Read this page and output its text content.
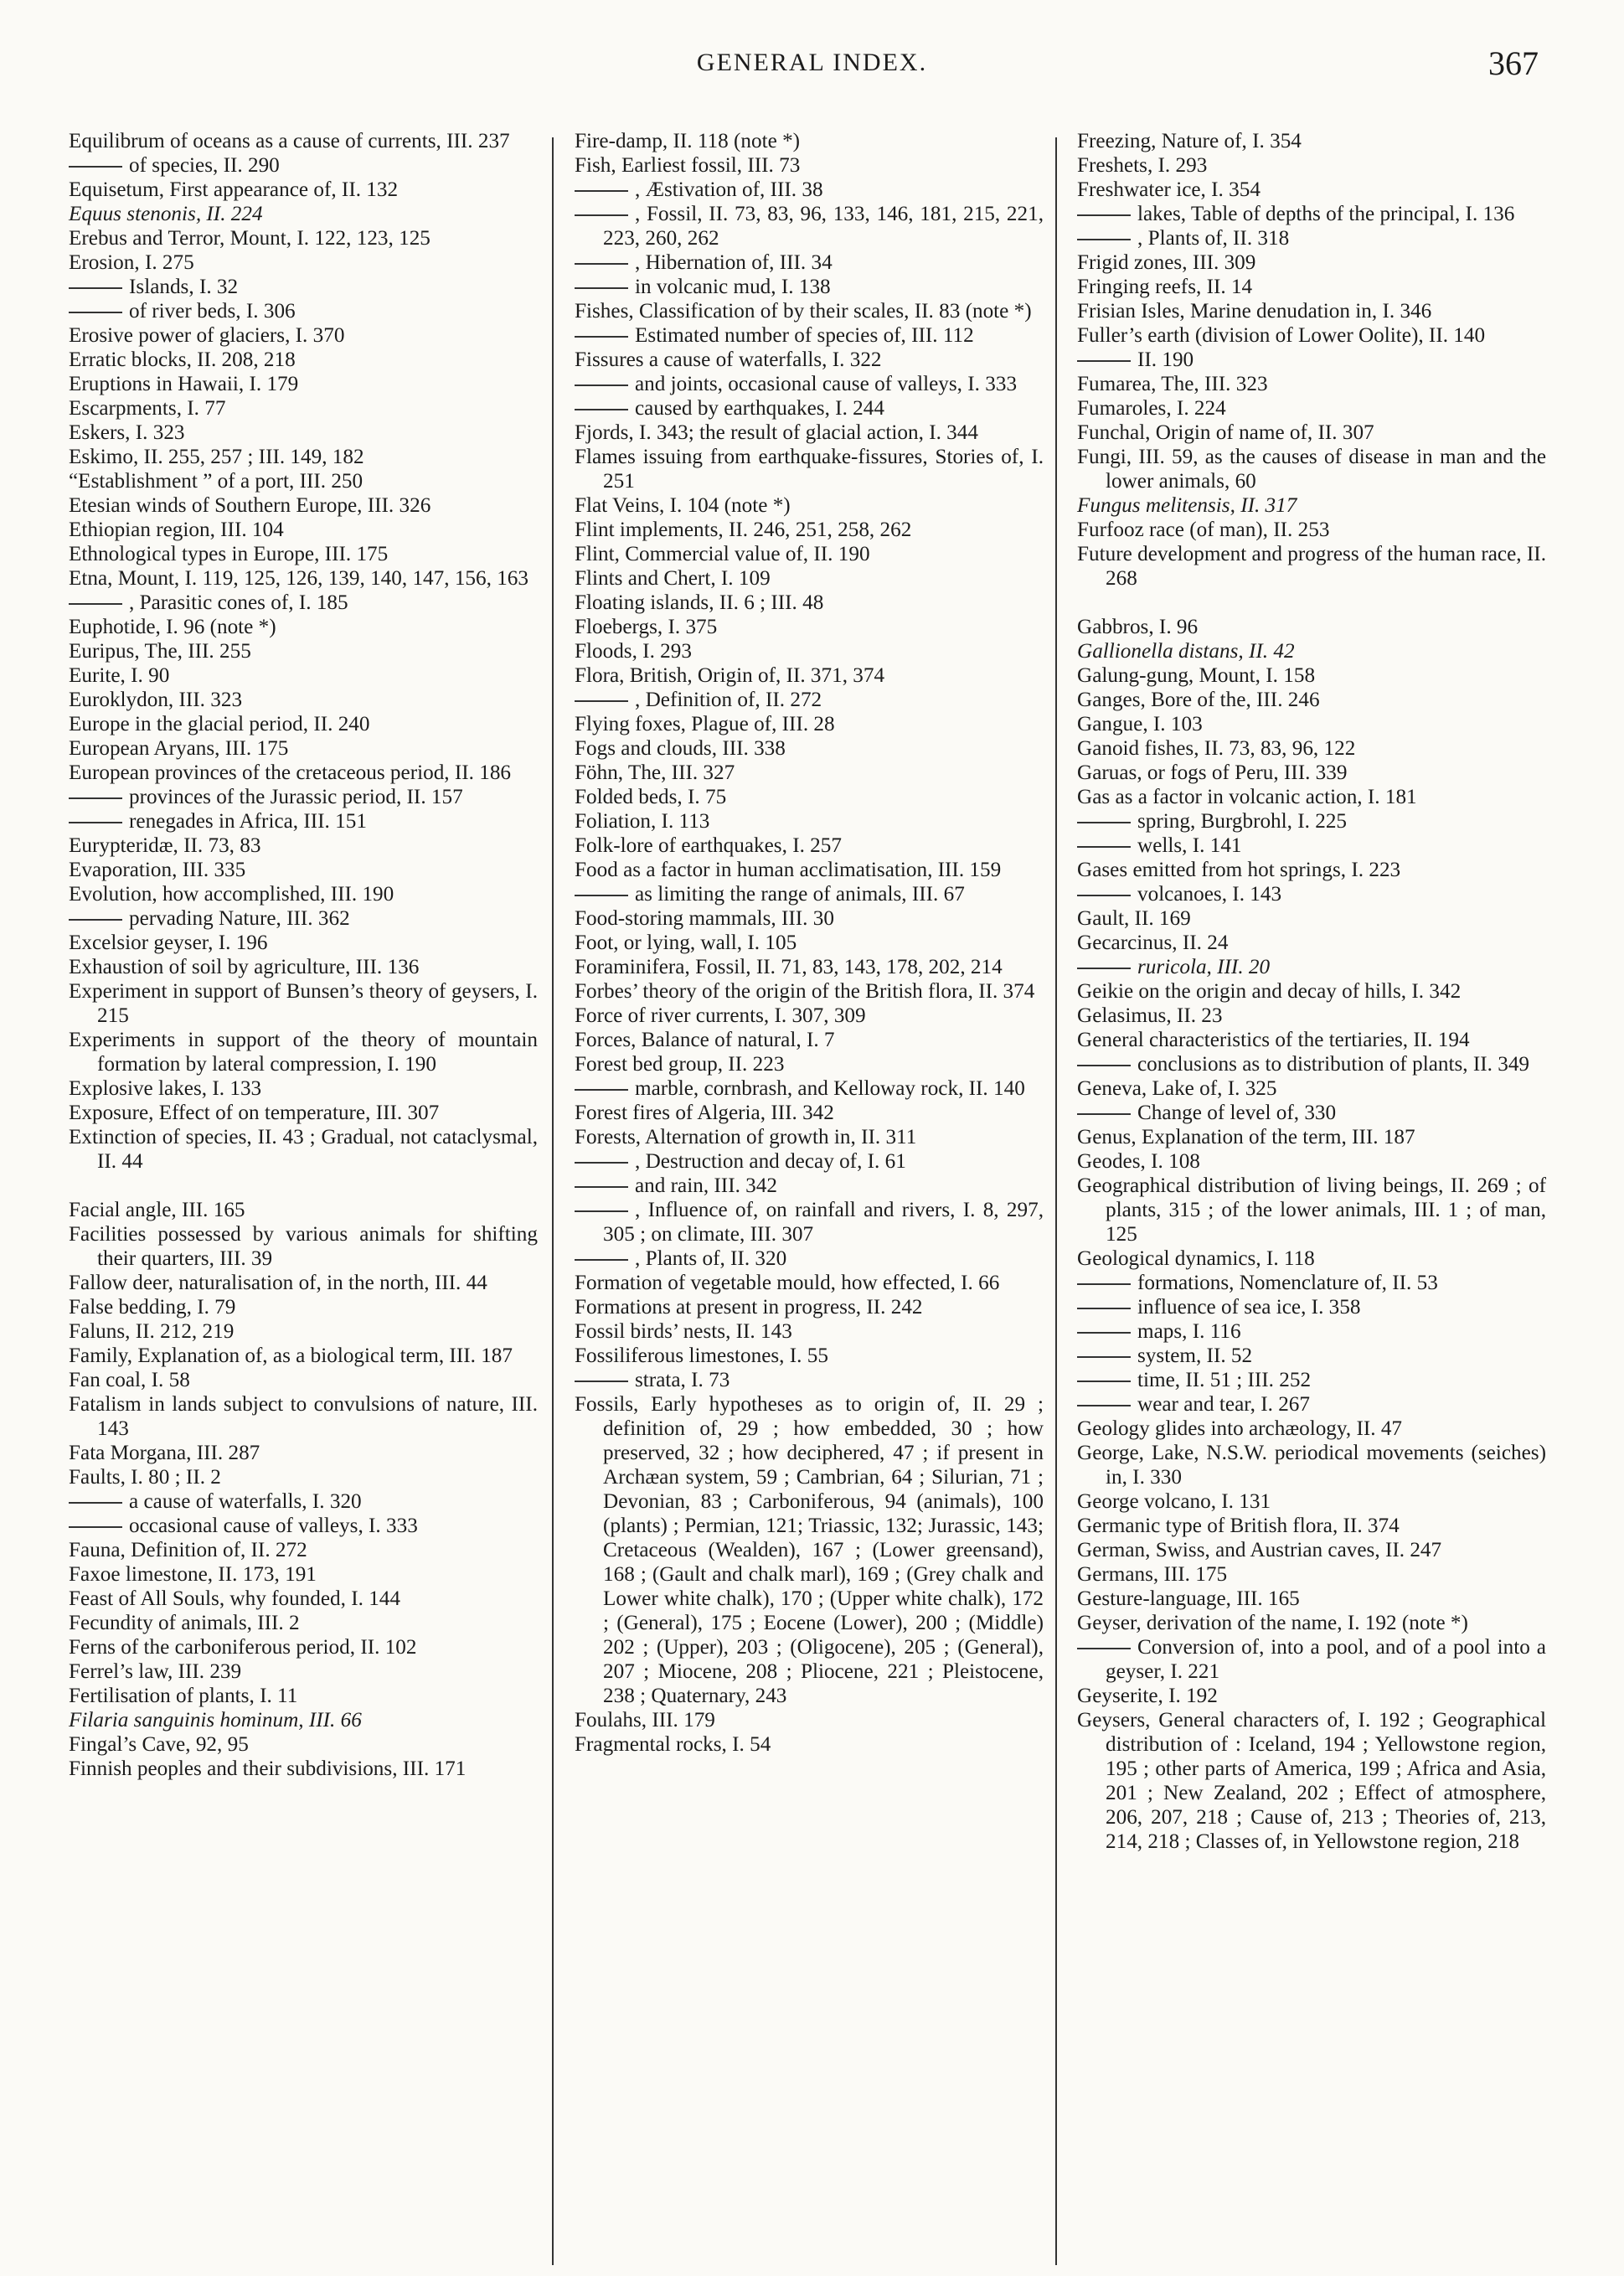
GENERAL INDEX.	367
Equilibrum of oceans as a cause of currents, III. 237
of species, II. 290
Equisetum, First appearance of, II. 132
Equus stenonis, II. 224
Erebus and Terror, Mount, I. 122, 123, 125
Erosion, I. 275
Islands, I. 32
of river beds, I. 306
Erosive power of glaciers, I. 370
Erratic blocks, II. 208, 218
Eruptions in Hawaii, I. 179
Escarpments, I. 77
Eskers, I. 323
Eskimo, II. 255, 257 ; III. 149, 182
“Establishment ” of a port, III. 250
Etesian winds of Southern Europe, III. 326
Ethiopian region, III. 104
Ethnological types in Europe, III. 175
Etna, Mount, I. 119, 125, 126, 139, 140, 147, 156, 163
, Parasitic cones of, I. 185
Euphotide, I. 96 (note *)
Euripus, The, III. 255
Eurite, I. 90
Euroklydon, III. 323
Europe in the glacial period, II. 240
European Aryans, III. 175
European provinces of the cretaceous period, II. 186
provinces of the Jurassic period, II. 157
renegades in Africa, III. 151
Eurypteridæ, II. 73, 83
Evaporation, III. 335
Evolution, how accomplished, III. 190
pervading Nature, III. 362
Excelsior geyser, I. 196
Exhaustion of soil by agriculture, III. 136
Experiment in support of Bunsen’s theory of geysers, I. 215
Experiments in support of the theory of mountain formation by lateral compression, I. 190
Explosive lakes, I. 133
Exposure, Effect of on temperature, III. 307
Extinction of species, II. 43 ; Gradual, not cataclysmal, II. 44
Facial angle, III. 165
Facilities possessed by various animals for shifting their quarters, III. 39
Fallow deer, naturalisation of, in the north, III. 44
False bedding, I. 79
Faluns, II. 212, 219
Family, Explanation of, as a biological term, III. 187
Fan coal, I. 58
Fatalism in lands subject to convulsions of nature, III. 143
Fata Morgana, III. 287
Faults, I. 80 ; II. 2
a cause of waterfalls, I. 320
occasional cause of valleys, I. 333
Fauna, Definition of, II. 272
Faxoe limestone, II. 173, 191
Feast of All Souls, why founded, I. 144
Fecundity of animals, III. 2
Ferns of the carboniferous period, II. 102
Ferrel’s law, III. 239
Fertilisation of plants, I. 11
Filaria sanguinis hominum, III. 66
Fingal’s Cave, 92, 95
Finnish peoples and their subdivisions, III. 171
Fire-damp, II. 118 (note *)
Fish, Earliest fossil, III. 73
, Æstivation of, III. 38
, Fossil, II. 73, 83, 96, 133, 146, 181, 215, 221, 223, 260, 262
, Hibernation of, III. 34
in volcanic mud, I. 138
Fishes, Classification of by their scales, II. 83 (note *)
Estimated number of species of, III. 112
Fissures a cause of waterfalls, I. 322
and joints, occasional cause of valleys, I. 333
caused by earthquakes, I. 244
Fjords, I. 343; the result of glacial action, I. 344
Flames issuing from earthquake-fissures, Stories of, I. 251
Flat Veins, I. 104 (note *)
Flint implements, II. 246, 251, 258, 262
Flint, Commercial value of, II. 190
Flints and Chert, I. 109
Floating islands, II. 6 ; III. 48
Floebergs, I. 375
Floods, I. 293
Flora, British, Origin of, II. 371, 374
, Definition of, II. 272
Flying foxes, Plague of, III. 28
Fogs and clouds, III. 338
Föhn, The, III. 327
Folded beds, I. 75
Foliation, I. 113
Folk-lore of earthquakes, I. 257
Food as a factor in human acclimatisation, III. 159
as limiting the range of animals, III. 67
Food-storing mammals, III. 30
Foot, or lying, wall, I. 105
Foraminifera, Fossil, II. 71, 83, 143, 178, 202, 214
Forbes’ theory of the origin of the British flora, II. 374
Force of river currents, I. 307, 309
Forces, Balance of natural, I. 7
Forest bed group, II. 223
marble, cornbrash, and Kelloway rock, II. 140
Forest fires of Algeria, III. 342
Forests, Alternation of growth in, II. 311
, Destruction and decay of, I. 61
and rain, III. 342
, Influence of, on rainfall and rivers, I. 8, 297, 305 ; on climate, III. 307
, Plants of, II. 320
Formation of vegetable mould, how effected, I. 66
Formations at present in progress, II. 242
Fossil birds’ nests, II. 143
Fossiliferous limestones, I. 55
strata, I. 73
Fossils, Early hypotheses as to origin of, II. 29 ; definition of, 29 ; how embedded, 30 ; how preserved, 32 ; how deciphered, 47 ; if present in Archæan system, 59 ; Cambrian, 64 ; Silurian, 71 ; Devonian, 83 ; Carboniferous, 94 (animals), 100 (plants) ; Permian, 121; Triassic, 132; Jurassic, 143; Cretaceous (Wealden), 167 ; (Lower greensand), 168 ; (Gault and chalk marl), 169 ; (Grey chalk and Lower white chalk), 170 ; (Upper white chalk), 172 ; (General), 175 ; Eocene (Lower), 200 ; (Middle) 202 ; (Upper), 203 ; (Oligocene), 205 ; (General), 207 ; Miocene, 208 ; Pliocene, 221 ; Pleistocene, 238 ; Quaternary, 243
Foulahs, III. 179
Fragmental rocks, I. 54
Freezing, Nature of, I. 354
Freshets, I. 293
Freshwater ice, I. 354
lakes, Table of depths of the principal, I. 136
, Plants of, II. 318
Frigid zones, III. 309
Fringing reefs, II. 14
Frisian Isles, Marine denudation in, I. 346
Fuller’s earth (division of Lower Oolite), II. 140
II. 190
Fumarea, The, III. 323
Fumaroles, I. 224
Funchal, Origin of name of, II. 307
Fungi, III. 59, as the causes of disease in man and the lower animals, 60
Fungus melitensis, II. 317
Furfooz race (of man), II. 253
Future development and progress of the human race, II. 268
Gabbros, I. 96
Gallionella distans, II. 42
Galung-gung, Mount, I. 158
Ganges, Bore of the, III. 246
Gangue, I. 103
Ganoid fishes, II. 73, 83, 96, 122
Garuas, or fogs of Peru, III. 339
Gas as a factor in volcanic action, I. 181
spring, Burgbrohl, I. 225
wells, I. 141
Gases emitted from hot springs, I. 223
volcanoes, I. 143
Gault, II. 169
Gecarcinus, II. 24
ruricola, III. 20
Geikie on the origin and decay of hills, I. 342
Gelasimus, II. 23
General characteristics of the tertiaries, II. 194
conclusions as to distribution of plants, II. 349
Geneva, Lake of, I. 325
Change of level of, 330
Genus, Explanation of the term, III. 187
Geodes, I. 108
Geographical distribution of living beings, II. 269 ; of plants, 315 ; of the lower animals, III. 1 ; of man, 125
Geological dynamics, I. 118
formations, Nomenclature of, II. 53
influence of sea ice, I. 358
maps, I. 116
system, II. 52
time, II. 51 ; III. 252
wear and tear, I. 267
Geology glides into archæology, II. 47
George, Lake, N.S.W. periodical movements (seiches) in, I. 330
George volcano, I. 131
Germanic type of British flora, II. 374
German, Swiss, and Austrian caves, II. 247
Germans, III. 175
Gesture-language, III. 165
Geyser, derivation of the name, I. 192 (note *)
Conversion of, into a pool, and of a pool into a geyser, I. 221
Geyserite, I. 192
Geysers, General characters of, I. 192 ; Geographical distribution of : Iceland, 194 ; Yellowstone region, 195 ; other parts of America, 199 ; Africa and Asia, 201 ; New Zealand, 202 ; Effect of atmosphere, 206, 207, 218 ; Cause of, 213 ; Theories of, 213, 214, 218 ; Classes of, in Yellowstone region, 218
